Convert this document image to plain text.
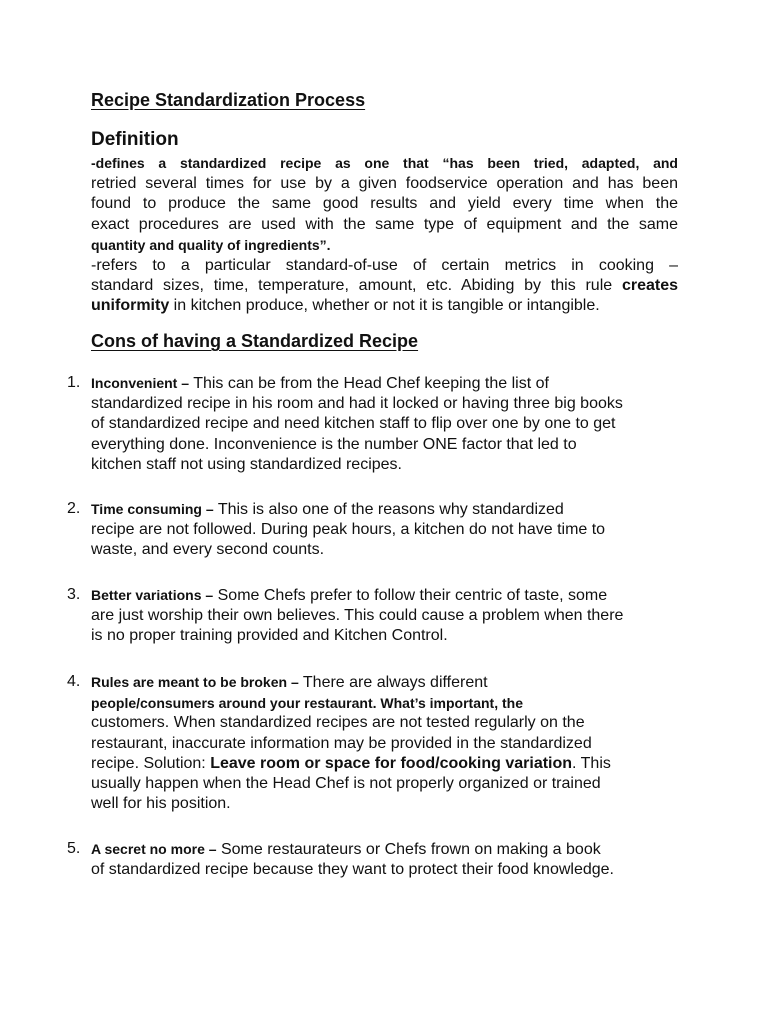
Recipe Standardization Process
Definition

-defines a standardized recipe as one that “has been tried, adapted, and

retried several times for use by a given foodservice operation and has been

found to produce the same good results and yield every time when the

exact procedures are used with the same type of equipment and the same

quantity and quality of ingredients”.

-refers to a particular standard-of-use of certain metrics in cooking –

standard sizes, time, temperature, amount, etc. Abiding by this rule creates

uniformity in kitchen produce, whether or not it is tangible or intangible.

Cons of having a Standardized Recipe
1. Inconvenient – This can be from the Head Chef keeping the list of
standardized recipe in his room and had it locked or having three big books
of standardized recipe and need kitchen staff to flip over one by one to get
everything done. Inconvenience is the number ONE factor that led to
kitchen staff not using standardized recipes.
2. Time consuming – This is also one of the reasons why standardized
recipe are not followed. During peak hours, a kitchen do not have time to
waste, and every second counts.
3. Better variations – Some Chefs prefer to follow their centric of taste, some
are just worship their own believes. This could cause a problem when there
is no proper training provided and Kitchen Control.
4. Rules are meant to be broken – There are always different
people/consumers around your restaurant. What’s important, the
customers. When standardized recipes are not tested regularly on the
restaurant, inaccurate information may be provided in the standardized
recipe. Solution: Leave room or space for food/cooking variation. This
usually happen when the Head Chef is not properly organized or trained
well for his position.
5. A secret no more – Some restaurateurs or Chefs frown on making a book
of standardized recipe because they want to protect their food knowledge.
